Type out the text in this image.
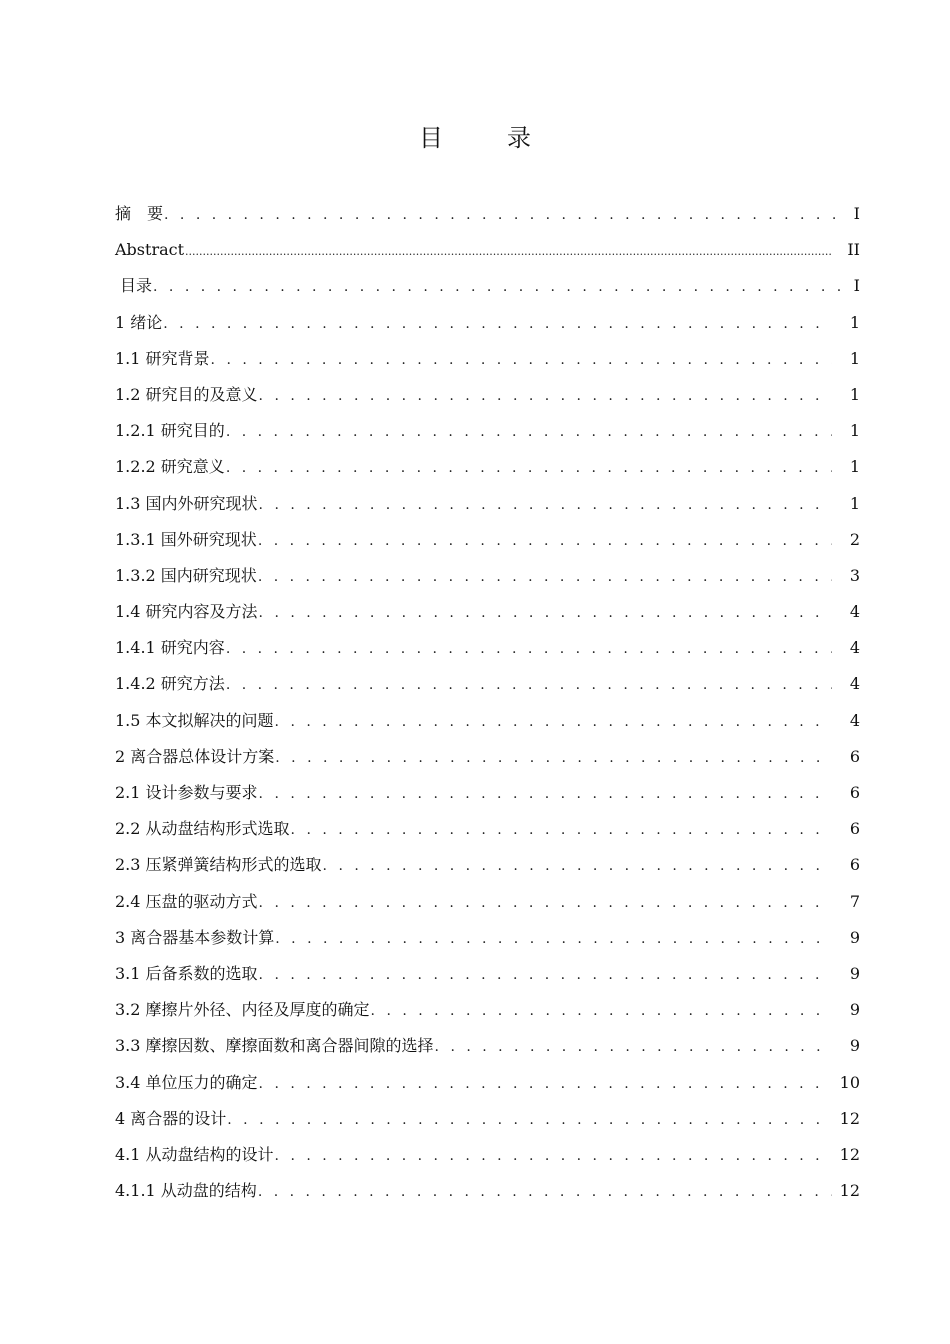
目　录
摘　要 . . .	I
Abstract .....	II
目录 . . .	I
1 绪论 . . .	1
1.1 研究背景 . . .	1
1.2 研究目的及意义 . . .	1
1.2.1 研究目的 . . .	1
1.2.2 研究意义 . . .	1
1.3 国内外研究现状 . . .	1
1.3.1 国外研究现状 . . .	2
1.3.2 国内研究现状 . . .	3
1.4 研究内容及方法 . . .	4
1.4.1 研究内容 . . .	4
1.4.2 研究方法 . . .	4
1.5 本文拟解决的问题 . . .	4
2 离合器总体设计方案 . . .	6
2.1 设计参数与要求 . . .	6
2.2 从动盘结构形式选取 . . .	6
2.3 压紧弹簧结构形式的选取 . . .	6
2.4 压盘的驱动方式 . . .	7
3 离合器基本参数计算 . . .	9
3.1 后备系数的选取 . . .	9
3.2 摩擦片外径、内径及厚度的确定 . . .	9
3.3 摩擦因数、摩擦面数和离合器间隙的选择 . . .	9
3.4 单位压力的确定 . . .	10
4 离合器的设计 . . .	12
4.1 从动盘结构的设计 . . .	12
4.1.1 从动盘的结构 . . .	12
